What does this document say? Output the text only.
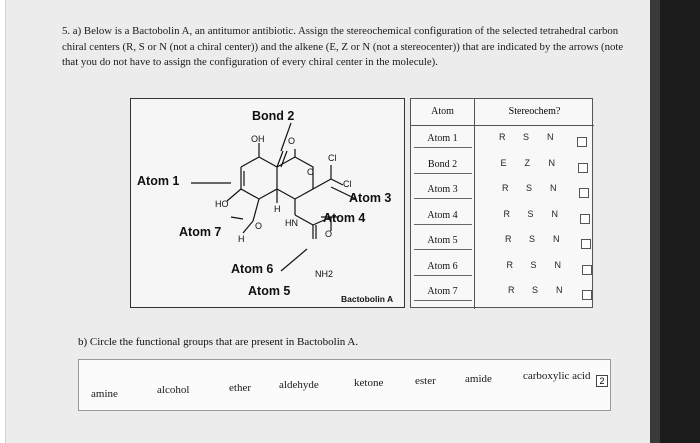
5. a) Below is a Bactobolin A, an antitumor antibiotic. Assign the stereochemical configuration of the selected tetrahedral carbon chiral centers (R, S or N (not a chiral center)) and the alkene (E, Z or N (not a stereocenter)) that are indicated by the arrows (note that you do not have to assign the configuration of every chiral center in the molecule).
Bond 2
Atom 1
Atom 3
Atom 4
Atom 5
Atom 6
Atom 7
OH	O
Cl
Cl
O
HO	H
HN
O
H	O
NH2
Bactobolin A
Atom	Stereochem?
Atom 1	R S N
Bond 2	E Z N
Atom 3	R S N
Atom 4	R S N
Atom 5	R S N
Atom 6	R S N
Atom 7	R S N
b) Circle the functional groups that are present in Bactobolin A.
amine	alcohol	ether	aldehyde	ketone	ester	amide	carboxylic acid 2
